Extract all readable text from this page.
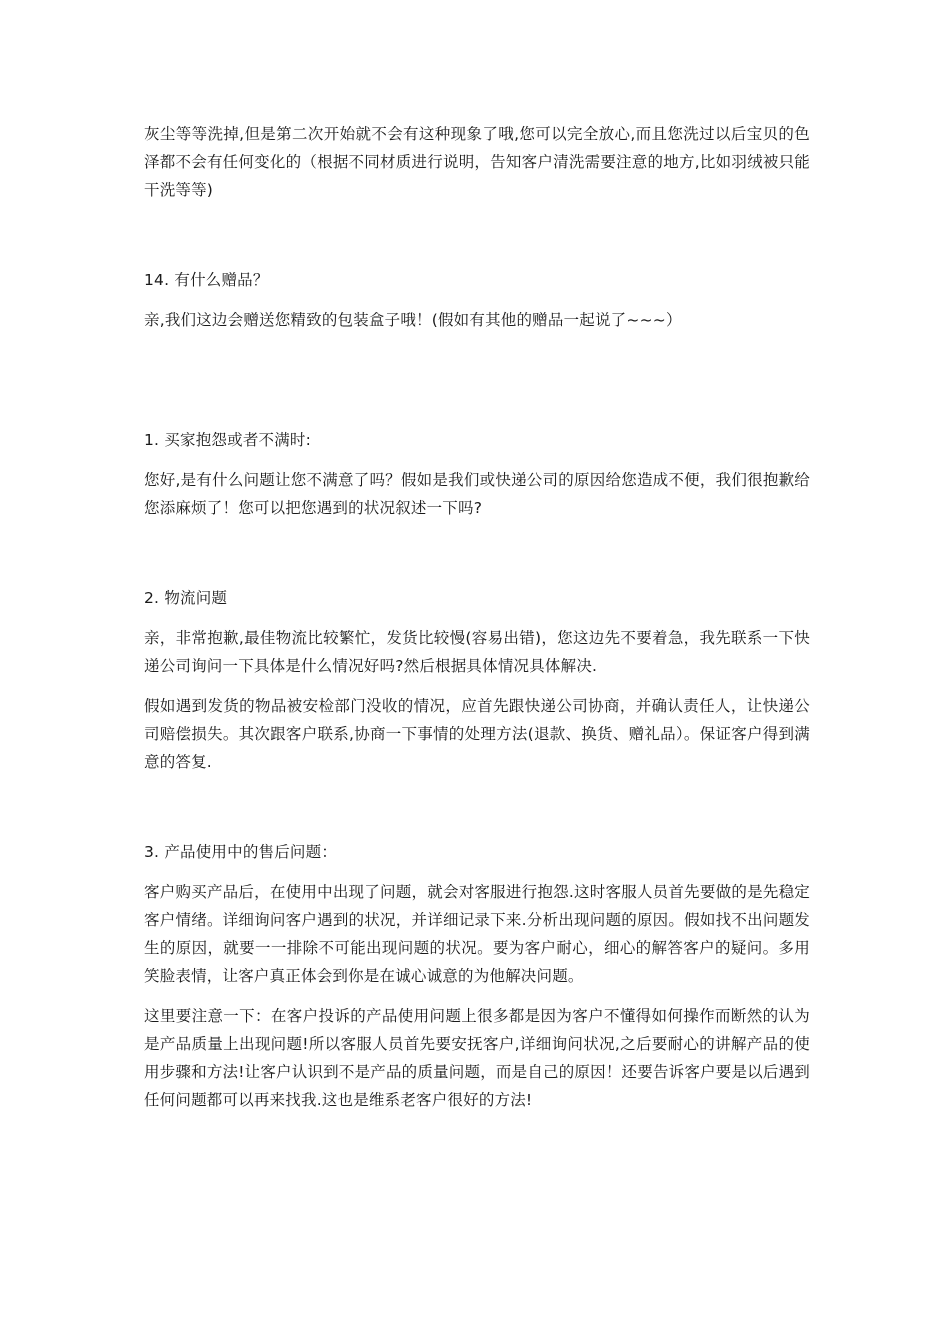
灰尘等等洗掉,但是第二次开始就不会有这种现象了哦,您可以完全放心,而且您洗过以后宝贝的色泽都不会有任何变化的（根据不同材质进行说明，告知客户清洗需要注意的地方,比如羽绒被只能干洗等等)

14. 有什么赠品？

亲,我们这边会赠送您精致的包装盒子哦！(假如有其他的赠品一起说了~~~）

1. 买家抱怨或者不满时:

您好,是有什么问题让您不满意了吗？假如是我们或快递公司的原因给您造成不便，我们很抱歉给您添麻烦了！您可以把您遇到的状况叙述一下吗?

2. 物流问题

亲，非常抱歉,最佳物流比较繁忙，发货比较慢(容易出错)，您这边先不要着急，我先联系一下快递公司询问一下具体是什么情况好吗?然后根据具体情况具体解决.

假如遇到发货的物品被安检部门没收的情况，应首先跟快递公司协商，并确认责任人，让快递公司赔偿损失。其次跟客户联系,协商一下事情的处理方法(退款、换货、赠礼品）。保证客户得到满意的答复.

3. 产品使用中的售后问题：

客户购买产品后，在使用中出现了问题，就会对客服进行抱怨.这时客服人员首先要做的是先稳定客户情绪。详细询问客户遇到的状况，并详细记录下来.分析出现问题的原因。假如找不出问题发生的原因，就要一一排除不可能出现问题的状况。要为客户耐心，细心的解答客户的疑问。多用笑脸表情，让客户真正体会到你是在诚心诚意的为他解决问题。

这里要注意一下：在客户投诉的产品使用问题上很多都是因为客户不懂得如何操作而断然的认为是产品质量上出现问题!所以客服人员首先要安抚客户,详细询问状况,之后要耐心的讲解产品的使用步骤和方法!让客户认识到不是产品的质量问题，而是自己的原因！还要告诉客户要是以后遇到任何问题都可以再来找我.这也是维系老客户很好的方法!
